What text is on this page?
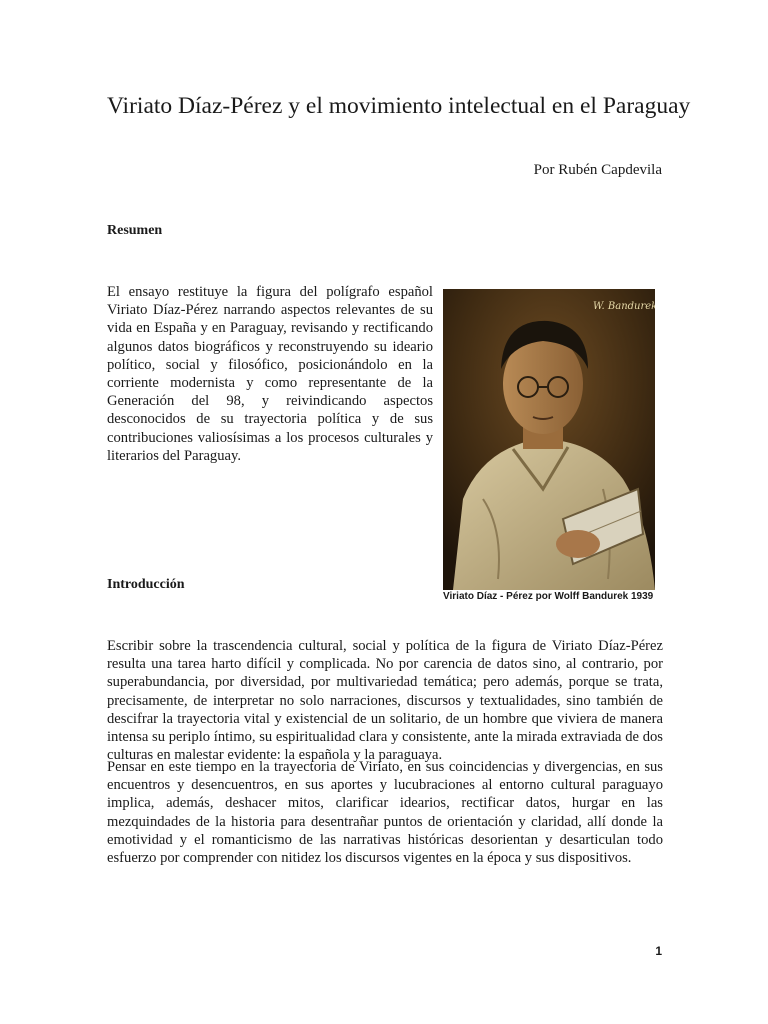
Viriato Díaz-Pérez y el movimiento intelectual en el Paraguay
Por Rubén Capdevila
Resumen
El ensayo restituye la figura del polígrafo español Viriato Díaz-Pérez narrando aspectos relevantes de su vida en España y en Paraguay, revisando y rectificando algunos datos biográficos y reconstruyendo su ideario político, social y filosófico, posicionándolo en la corriente modernista y como representante de la Generación del 98, y reivindicando aspectos desconocidos de su trayectoria política y de sus contribuciones valiosísimas a los procesos culturales y literarios del Paraguay.
W. Bandurek
Viriato Díaz - Pérez por Wolff Bandurek 1939
Introducción
Escribir sobre la trascendencia cultural, social y política de la figura de Viriato Díaz-Pérez resulta una tarea harto difícil y complicada. No por carencia de datos sino, al contrario, por superabundancia, por diversidad, por multivariedad temática; pero además, porque se trata, precisamente, de interpretar no solo narraciones, discursos y textualidades, sino también de descifrar la trayectoria vital y existencial de un solitario, de un hombre que viviera de manera intensa su periplo íntimo, su espiritualidad clara y consistente, ante la mirada extraviada de dos culturas en malestar evidente: la española y la paraguaya.
Pensar en este tiempo en la trayectoria de Viriato, en sus coincidencias y divergencias, en sus encuentros y desencuentros, en sus aportes y lucubraciones al entorno cultural paraguayo implica, además, deshacer mitos, clarificar idearios, rectificar datos, hurgar en las mezquindades de la historia para desentrañar puntos de orientación y claridad, allí donde la emotividad y el romanticismo de las narrativas históricas desorientan y desarticulan todo esfuerzo por comprender con nitidez los discursos vigentes en la época y sus dispositivos.
1
